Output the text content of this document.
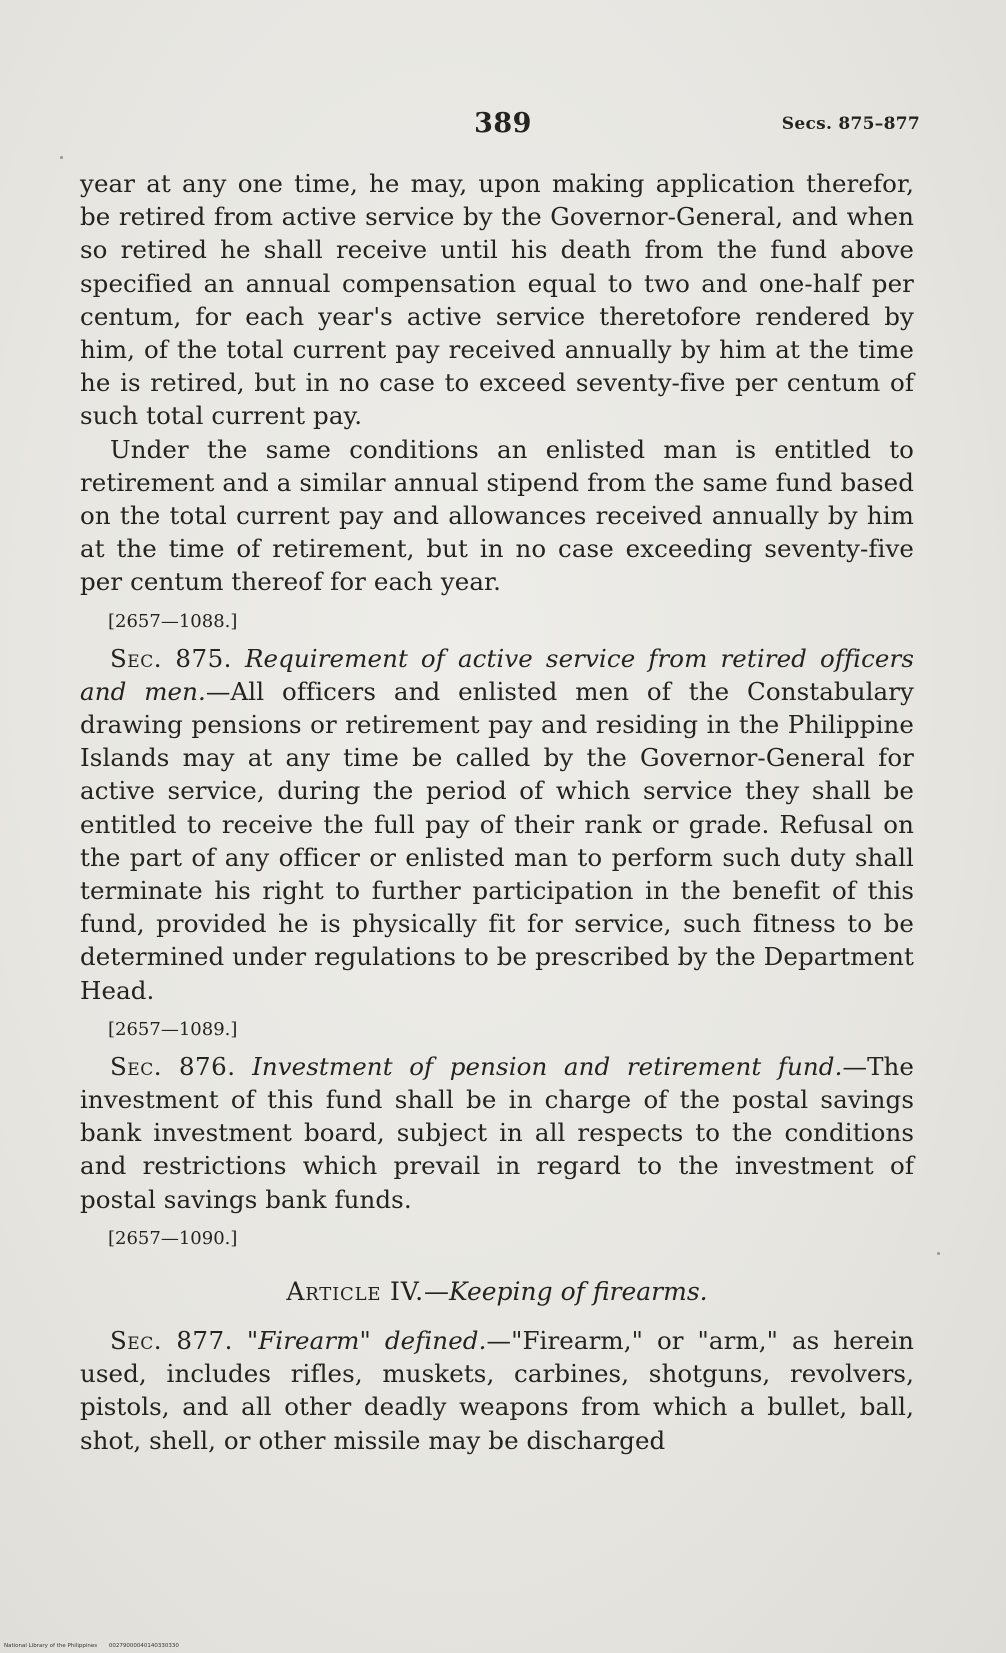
389	Secs. 875–877

year at any one time, he may, upon making application therefor, be retired from active service by the Governor-General, and when so retired he shall receive until his death from the fund above specified an annual compensation equal to two and one-half per centum, for each year's active service theretofore rendered by him, of the total current pay received annually by him at the time he is retired, but in no case to exceed seventy-five per centum of such total current pay.

Under the same conditions an enlisted man is entitled to retirement and a similar annual stipend from the same fund based on the total current pay and allowances received annually by him at the time of retirement, but in no case exceeding seventy-five per centum thereof for each year.

[2657—1088.]

Sec. 875. Requirement of active service from retired officers and men.—All officers and enlisted men of the Constabulary drawing pensions or retirement pay and residing in the Philippine Islands may at any time be called by the Governor-General for active service, during the period of which service they shall be entitled to receive the full pay of their rank or grade. Refusal on the part of any officer or enlisted man to perform such duty shall terminate his right to further participation in the benefit of this fund, provided he is physically fit for service, such fitness to be determined under regulations to be prescribed by the Department Head.

[2657—1089.]

Sec. 876. Investment of pension and retirement fund.—The investment of this fund shall be in charge of the postal savings bank investment board, subject in all respects to the conditions and restrictions which prevail in regard to the investment of postal savings bank funds.

[2657—1090.]
Article IV.—Keeping of firearms.

Sec. 877. "Firearm" defined.—"Firearm," or "arm," as herein used, includes rifles, muskets, carbines, shotguns, revolvers, pistols, and all other deadly weapons from which a bullet, ball, shot, shell, or other missile may be discharged

National Library of the Philippines 00279000040140330330
